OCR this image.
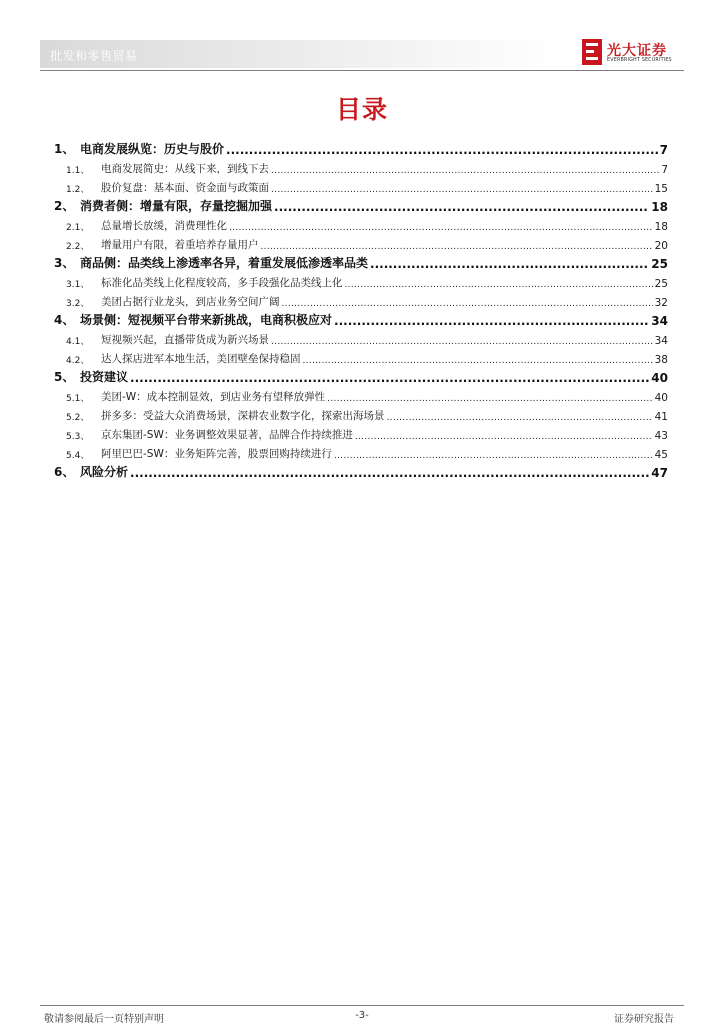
批发和零售贸易	光大证券
EVERBRIGHT SECURITIES
目录
1、 电商发展纵览：历史与股价 .....	7
1.1、	电商发展简史：从线下来，到线下去 .....	7
1.2、	股价复盘：基本面、资金面与政策面 .....	15
2、 消费者侧：增量有限，存量挖掘加强 .....	18
2.1、	总量增长放缓，消费理性化 .....	18
2.2、	增量用户有限，着重培养存量用户 .....	20
3、 商品侧：品类线上渗透率各异，着重发展低渗透率品类 .....	25
3.1、	标准化品类线上化程度较高，多手段强化品类线上化 .....	25
3.2、	美团占据行业龙头，到店业务空间广阔 .....	32
4、 场景侧：短视频平台带来新挑战，电商积极应对 .....	34
4.1、	短视频兴起，直播带货成为新兴场景 .....	34
4.2、	达人探店进军本地生活，美团壁垒保持稳固 .....	38
5、 投资建议 .....	40
5.1、	美团-W：成本控制显效，到店业务有望释放弹性 .....	40
5.2、	拼多多：受益大众消费场景，深耕农业数字化，探索出海场景 .....	41
5.3、	京东集团-SW：业务调整效果显著，品牌合作持续推进 .....	43
5.4、	阿里巴巴-SW：业务矩阵完善，股票回购持续进行 .....	45
6、 风险分析 .....	47
敬请参阅最后一页特别声明	-3-	证券研究报告
